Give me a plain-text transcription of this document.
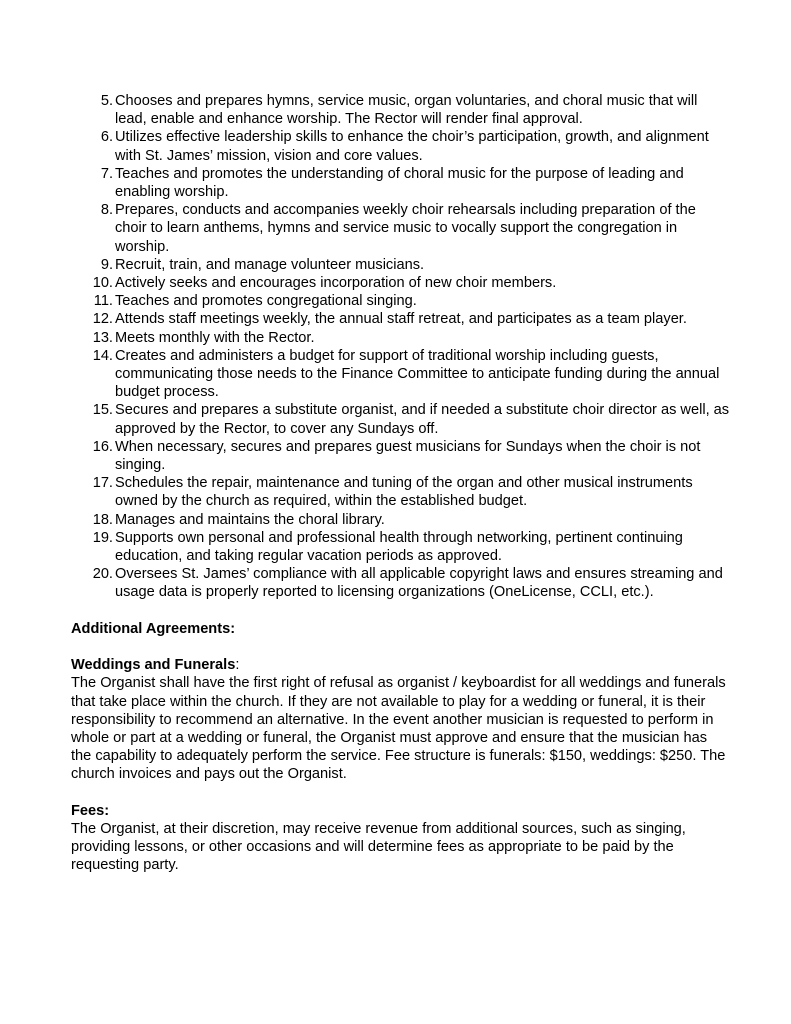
5. Chooses and prepares hymns, service music, organ voluntaries, and choral music that will lead, enable and enhance worship. The Rector will render final approval.
6. Utilizes effective leadership skills to enhance the choir’s participation, growth, and alignment with St. James’ mission, vision and core values.
7. Teaches and promotes the understanding of choral music for the purpose of leading and enabling worship.
8. Prepares, conducts and accompanies weekly choir rehearsals including preparation of the choir to learn anthems, hymns and service music to vocally support the congregation in worship.
9. Recruit, train, and manage volunteer musicians.
10. Actively seeks and encourages incorporation of new choir members.
11. Teaches and promotes congregational singing.
12. Attends staff meetings weekly, the annual staff retreat, and participates as a team player.
13. Meets monthly with the Rector.
14. Creates and administers a budget for support of traditional worship including guests, communicating those needs to the Finance Committee to anticipate funding during the annual budget process.
15. Secures and prepares a substitute organist, and if needed a substitute choir director as well, as approved by the Rector, to cover any Sundays off.
16. When necessary, secures and prepares guest musicians for Sundays when the choir is not singing.
17. Schedules the repair, maintenance and tuning of the organ and other musical instruments owned by the church as required, within the established budget.
18. Manages and maintains the choral library.
19. Supports own personal and professional health through networking, pertinent continuing education, and taking regular vacation periods as approved.
20. Oversees St. James’ compliance with all applicable copyright laws and ensures streaming and usage data is properly reported to licensing organizations (OneLicense, CCLI, etc.).
Additional Agreements:
Weddings and Funerals:
The Organist shall have the first right of refusal as organist / keyboardist for all weddings and funerals that take place within the church. If they are not available to play for a wedding or funeral, it is their responsibility to recommend an alternative. In the event another musician is requested to perform in whole or part at a wedding or funeral, the Organist must approve and ensure that the musician has the capability to adequately perform the service. Fee structure is funerals: $150, weddings: $250. The church invoices and pays out the Organist.
Fees:
The Organist, at their discretion, may receive revenue from additional sources, such as singing, providing lessons, or other occasions and will determine fees as appropriate to be paid by the requesting party.
